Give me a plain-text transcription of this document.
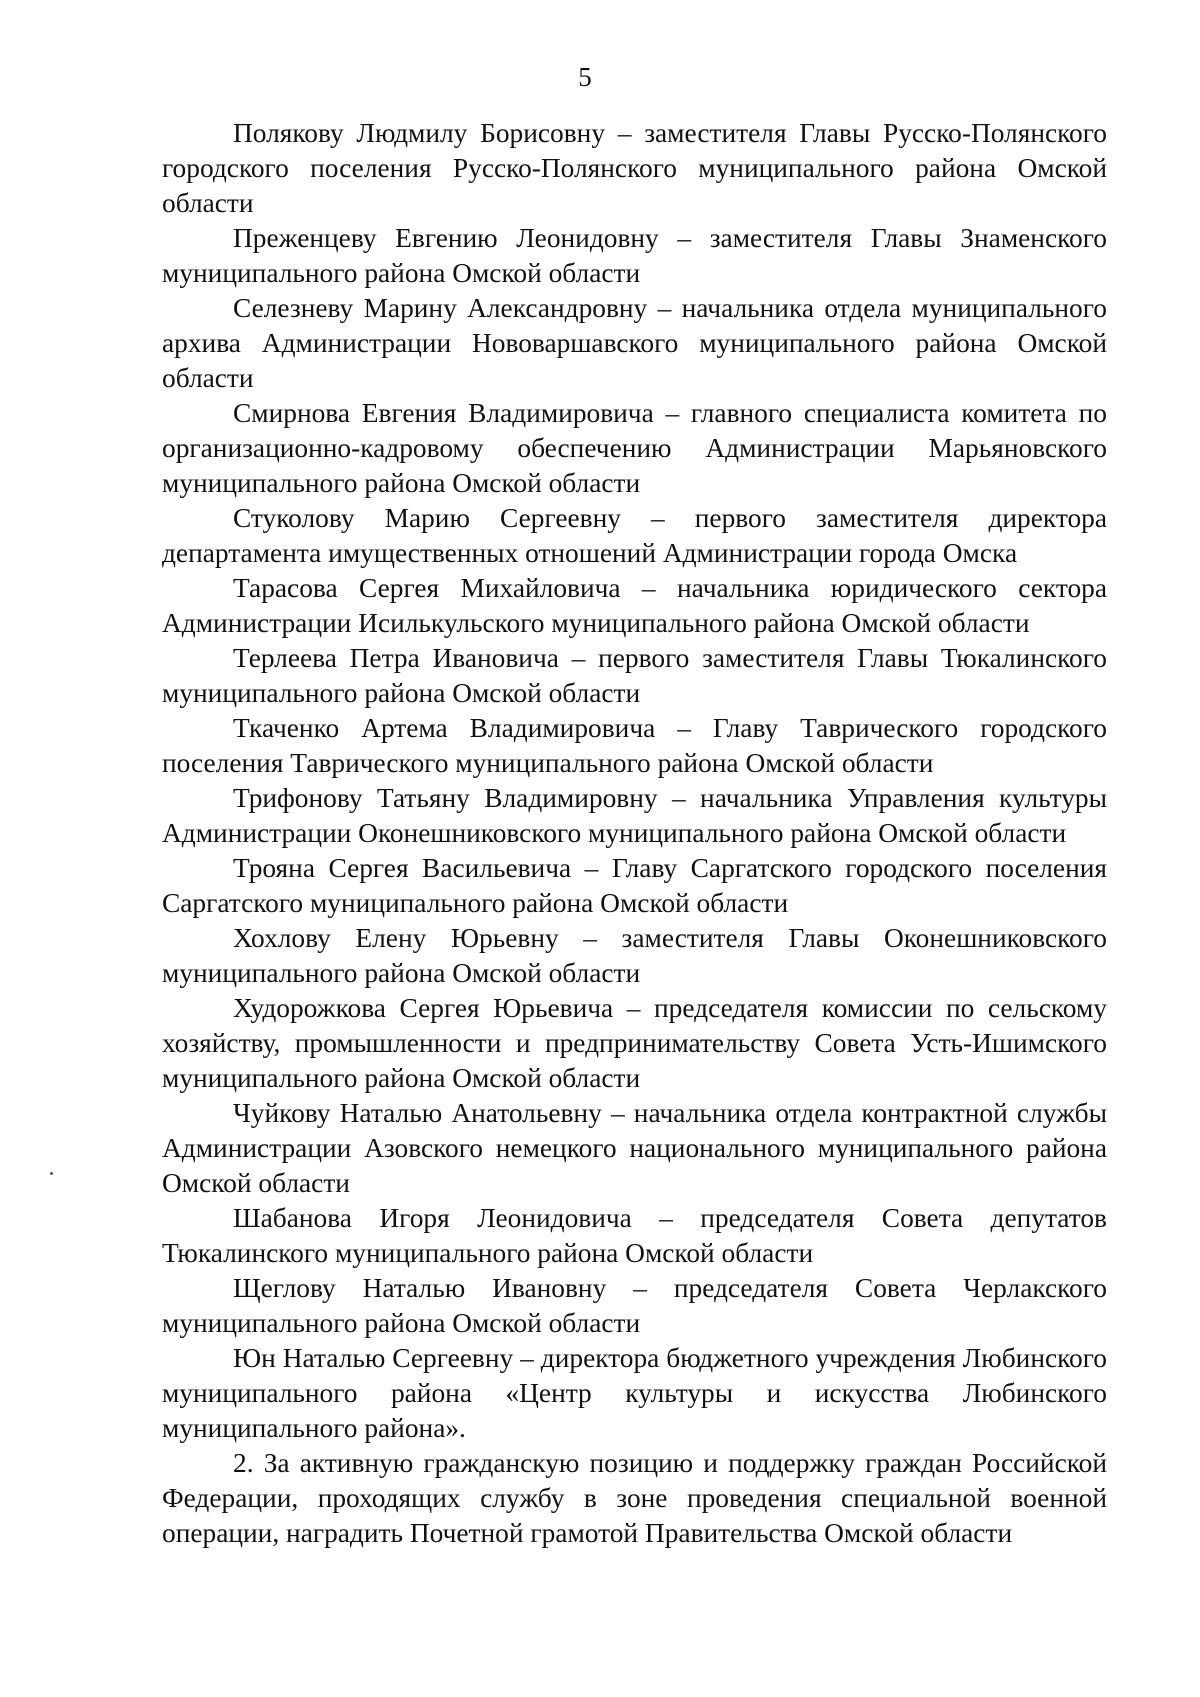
5

Полякову Людмилу Борисовну – заместителя Главы Русско-Полянского городского поселения Русско-Полянского муниципального района Омской области

Преженцеву Евгению Леонидовну – заместителя Главы Знаменского муниципального района Омской области

Селезневу Марину Александровну – начальника отдела муниципального архива Администрации Нововаршавского муниципального района Омской области

Смирнова Евгения Владимировича – главного специалиста комитета по организационно-кадровому обеспечению Администрации Марьяновского муниципального района Омской области

Стуколову Марию Сергеевну – первого заместителя директора департамента имущественных отношений Администрации города Омска

Тарасова Сергея Михайловича – начальника юридического сектора Администрации Исилькульского муниципального района Омской области

Терлеева Петра Ивановича – первого заместителя Главы Тюкалинского муниципального района Омской области

Ткаченко Артема Владимировича – Главу Таврического городского поселения Таврического муниципального района Омской области

Трифонову Татьяну Владимировну – начальника Управления культуры Администрации Оконешниковского муниципального района Омской области

Трояна Сергея Васильевича – Главу Саргатского городского поселения Саргатского муниципального района Омской области

Хохлову Елену Юрьевну – заместителя Главы Оконешниковского муниципального района Омской области

Худорожкова Сергея Юрьевича – председателя комиссии по сельскому хозяйству, промышленности и предпринимательству Совета Усть-Ишимского муниципального района Омской области

Чуйкову Наталью Анатольевну – начальника отдела контрактной службы Администрации Азовского немецкого национального муниципального района Омской области

Шабанова Игоря Леонидовича – председателя Совета депутатов Тюкалинского муниципального района Омской области

Щеглову Наталью Ивановну – председателя Совета Черлакского муниципального района Омской области

Юн Наталью Сергеевну – директора бюджетного учреждения Любинского муниципального района «Центр культуры и искусства Любинского муниципального района».

2. За активную гражданскую позицию и поддержку граждан Российской Федерации, проходящих службу в зоне проведения специальной военной операции, наградить Почетной грамотой Правительства Омской области
